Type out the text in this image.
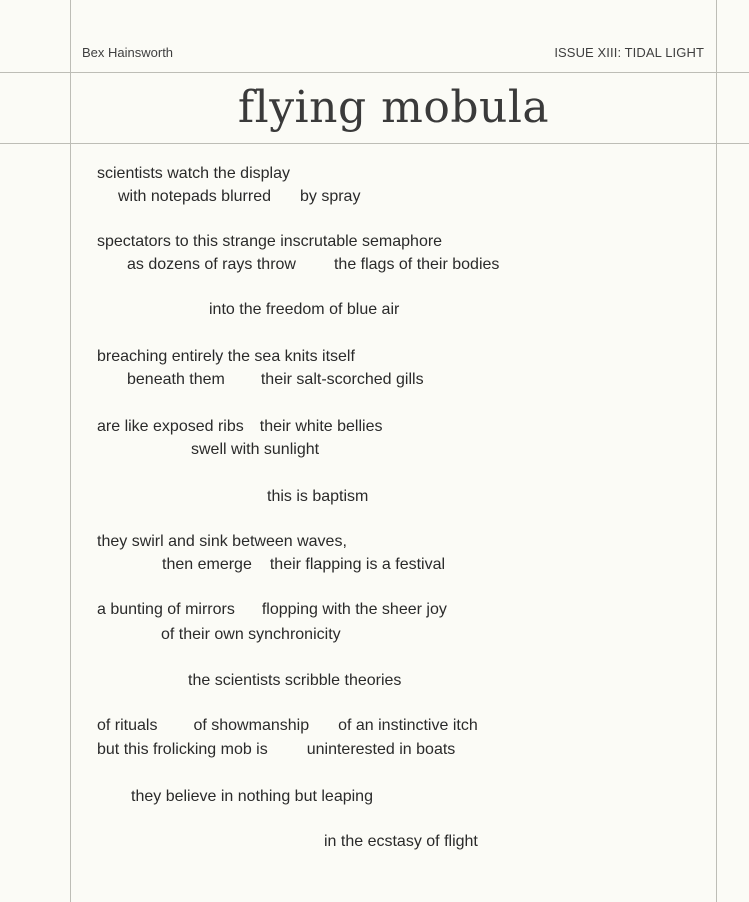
Bex Hainsworth	ISSUE XIII: TIDAL LIGHT
flying mobula
scientists watch the display
with notepads blurred by spray
spectators to this strange inscrutable semaphore
as dozens of rays throw the flags of their bodies
into the freedom of blue air
breaching entirely the sea knits itself
beneath them their salt-scorched gills
are like exposed ribs their white bellies
swell with sunlight
this is baptism
they swirl and sink between waves,
then emerge their flapping is a festival
a bunting of mirrors flopping with the sheer joy
of their own synchronicity
the scientists scribble theories
of rituals of showmanship of an instinctive itch
but this frolicking mob is uninterested in boats
they believe in nothing but leaping
in the ecstasy of flight
